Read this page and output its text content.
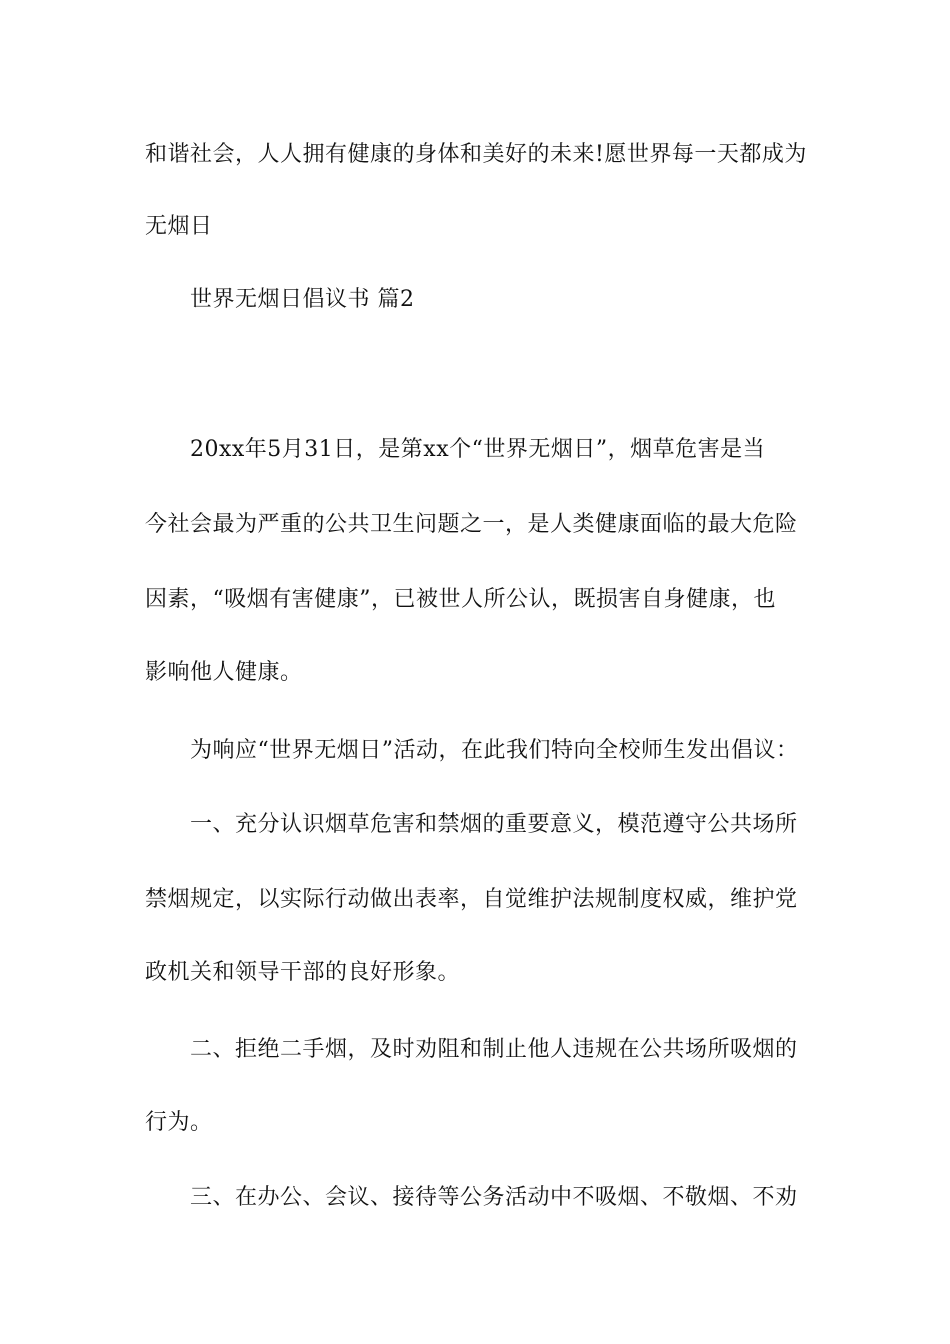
和谐社会，人人拥有健康的身体和美好的未来!愿世界每一天都成为
无烟日
世界无烟日倡议书 篇2
20xx年5月31日，是第xx个“世界无烟日”，烟草危害是当
今社会最为严重的公共卫生问题之一，是人类健康面临的最大危险
因素，“吸烟有害健康”，已被世人所公认，既损害自身健康，也
影响他人健康。
为响应“世界无烟日”活动，在此我们特向全校师生发出倡议：
一、充分认识烟草危害和禁烟的重要意义，模范遵守公共场所
禁烟规定，以实际行动做出表率，自觉维护法规制度权威，维护党
政机关和领导干部的良好形象。
二、拒绝二手烟，及时劝阻和制止他人违规在公共场所吸烟的
行为。
三、在办公、会议、接待等公务活动中不吸烟、不敬烟、不劝
